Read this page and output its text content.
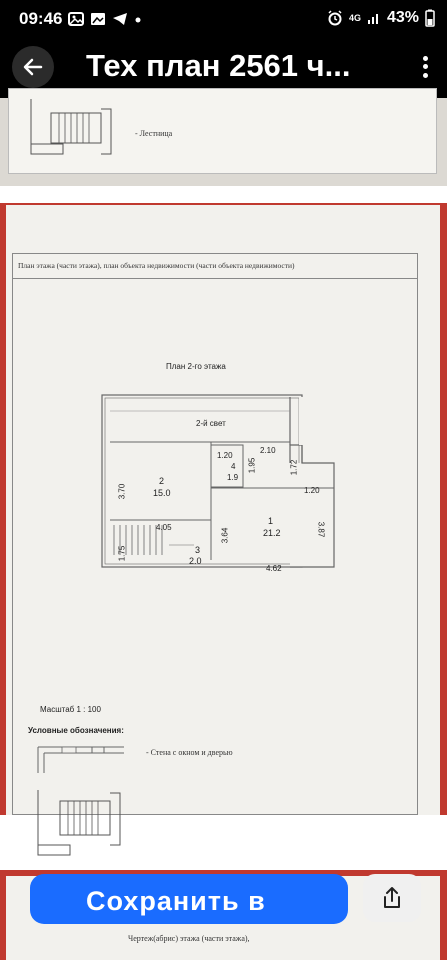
09:46	4G 43%
Тех план 2561 ч...
- Лестница
План этажа (части этажа), план объекта недвижимости (части объекта недвижимости)
План 2-го этажа
2-й свет
1.20
2.10
1.95	1.72
4
1.9
3.70
2
15.0	1.20
3.87
1
21.2
4.05
3.64
1.75	3
2.0
4.62
Масштаб 1 : 100
Условные обозначения:
- Стена с окном и дверью
Чертеж(абрис) этажа (части этажа),
Сохранить в
